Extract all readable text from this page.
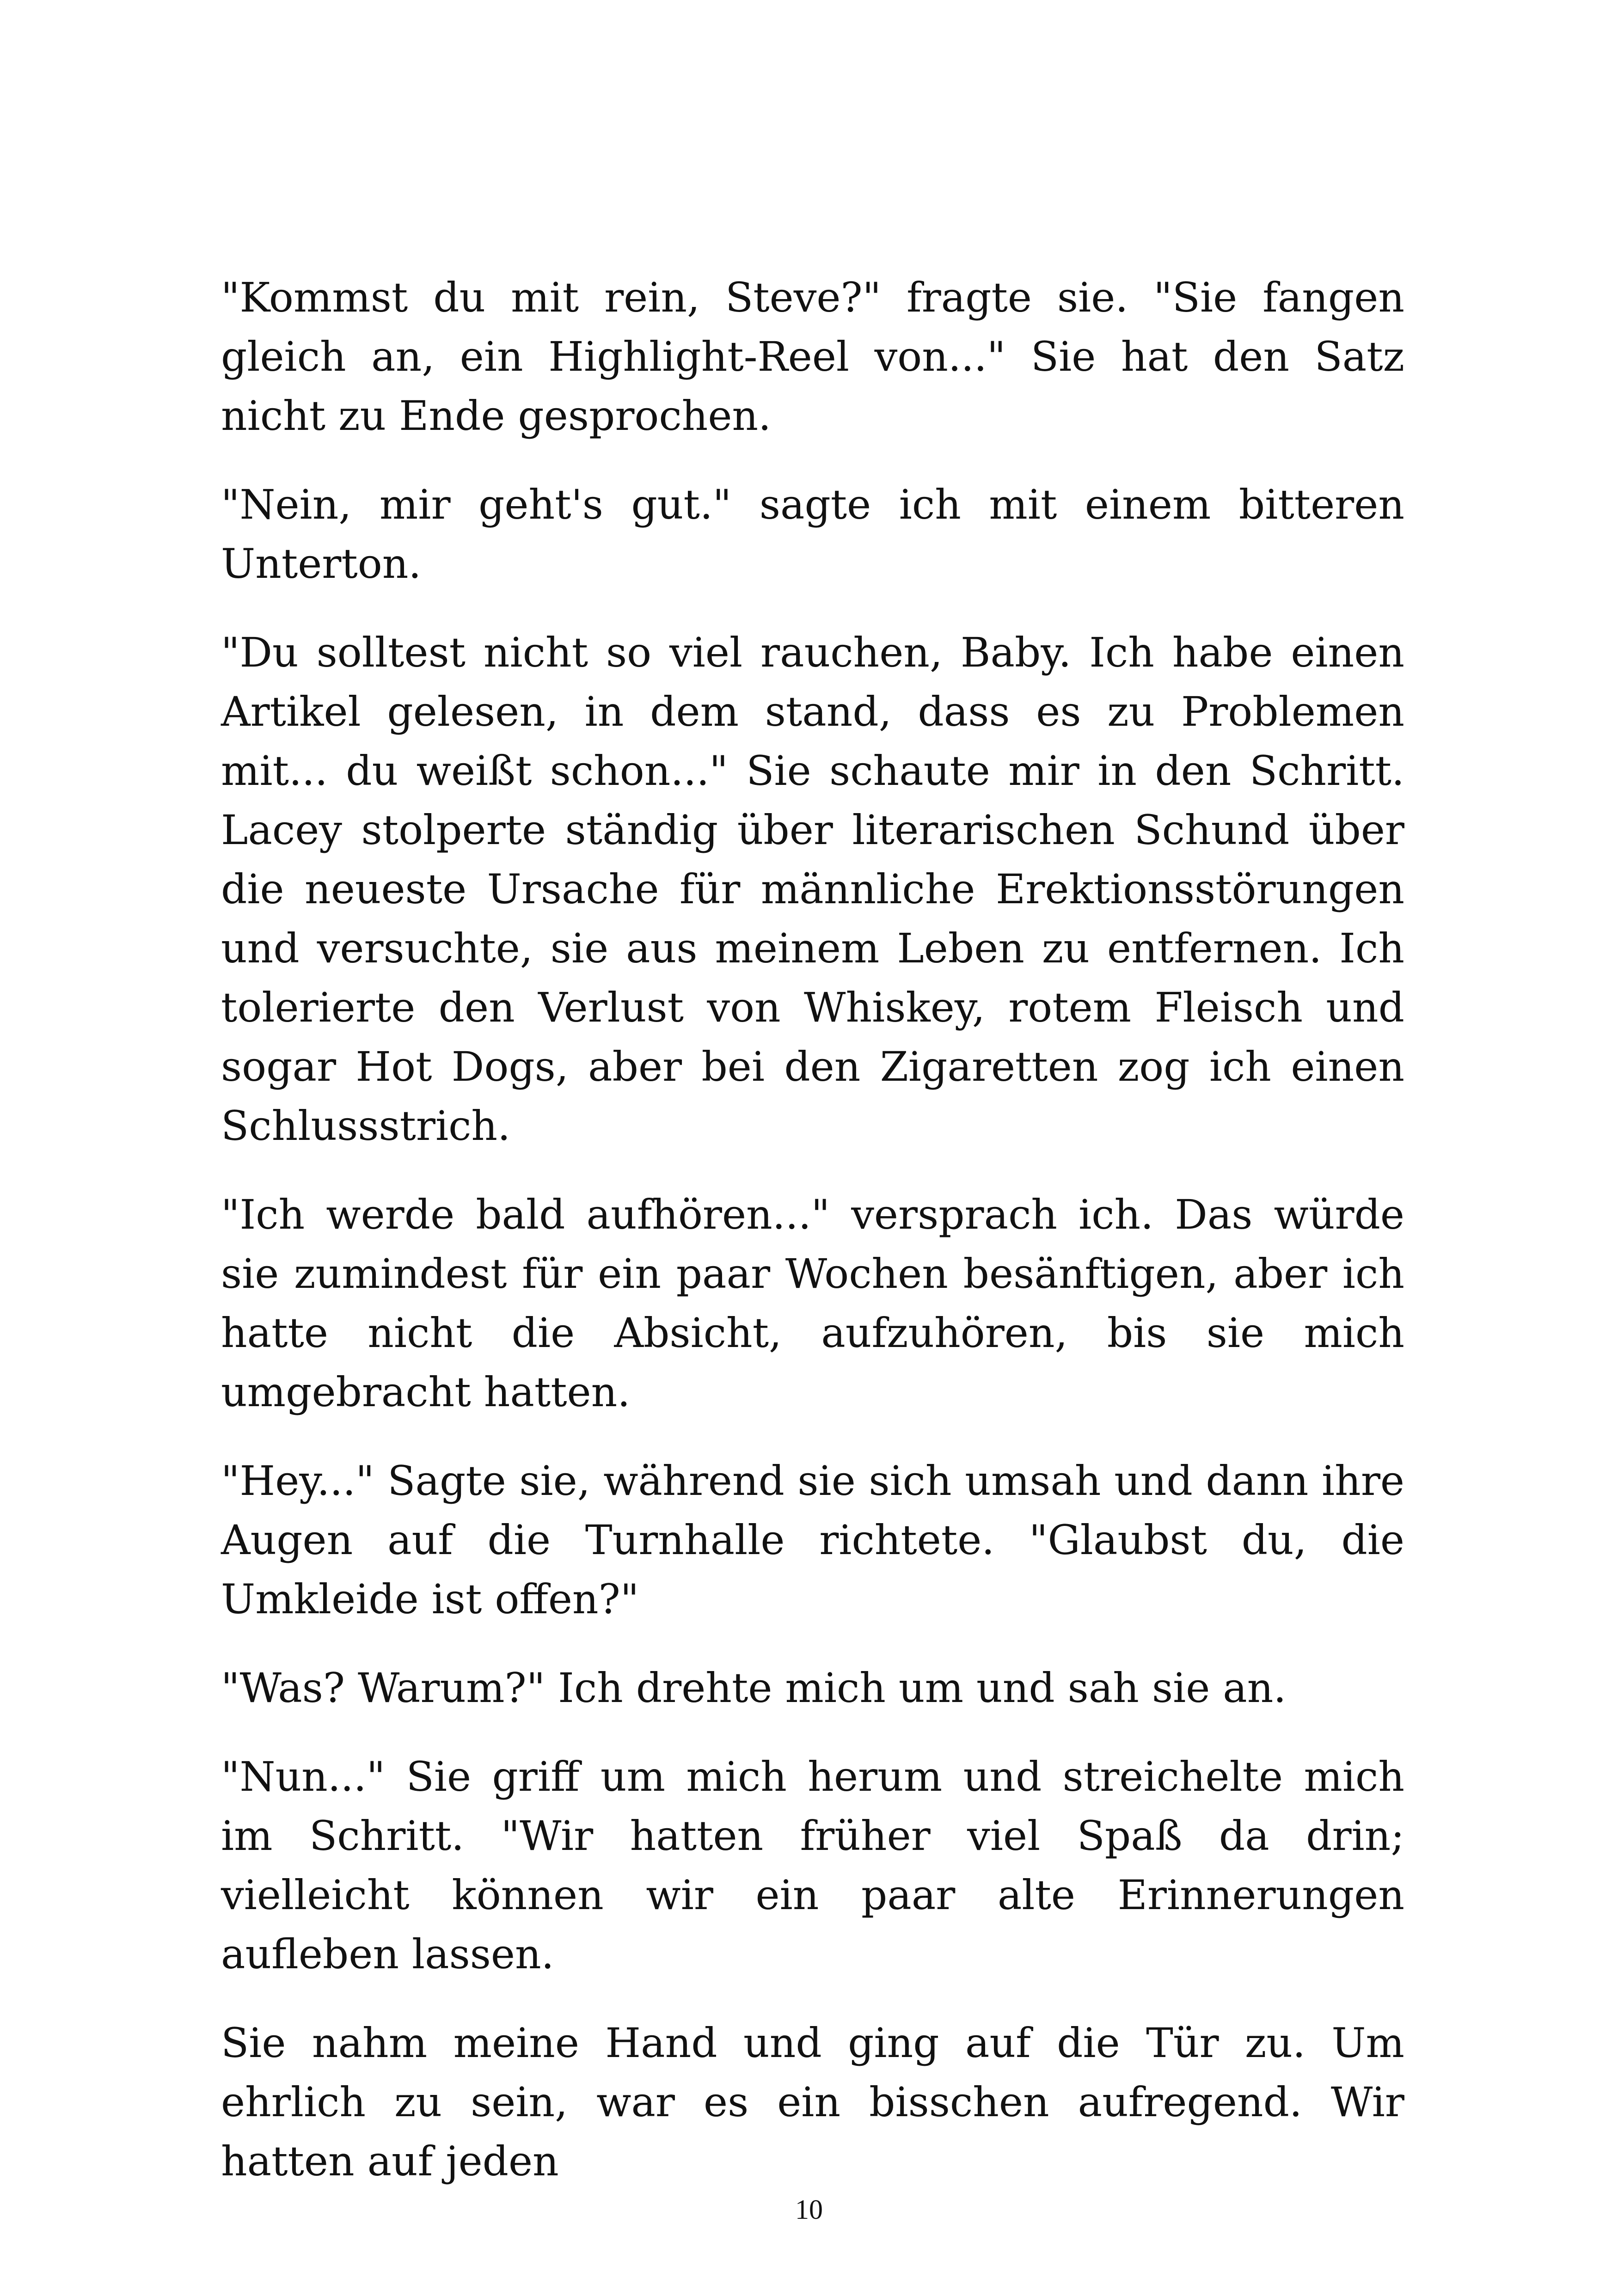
"Kommst du mit rein, Steve?" fragte sie. "Sie fangen gleich an, ein Highlight-Reel von..." Sie hat den Satz nicht zu Ende gesprochen.

"Nein, mir geht's gut." sagte ich mit einem bitteren Unterton.

"Du solltest nicht so viel rauchen, Baby. Ich habe einen Artikel gelesen, in dem stand, dass es zu Problemen mit... du weißt schon..." Sie schaute mir in den Schritt. Lacey stolperte ständig über literarischen Schund über die neueste Ursache für männliche Erektionsstörungen und versuchte, sie aus meinem Leben zu entfernen. Ich tolerierte den Verlust von Whiskey, rotem Fleisch und sogar Hot Dogs, aber bei den Zigaretten zog ich einen Schlussstrich.

"Ich werde bald aufhören..." versprach ich. Das würde sie zumindest für ein paar Wochen besänftigen, aber ich hatte nicht die Absicht, aufzuhören, bis sie mich umgebracht hatten.

"Hey..." Sagte sie, während sie sich umsah und dann ihre Augen auf die Turnhalle richtete. "Glaubst du, die Umkleide ist offen?"

"Was? Warum?" Ich drehte mich um und sah sie an.

"Nun..." Sie griff um mich herum und streichelte mich im Schritt. "Wir hatten früher viel Spaß da drin; vielleicht können wir ein paar alte Erinnerungen aufleben lassen.

Sie nahm meine Hand und ging auf die Tür zu. Um ehrlich zu sein, war es ein bisschen aufregend. Wir hatten auf jeden

10
